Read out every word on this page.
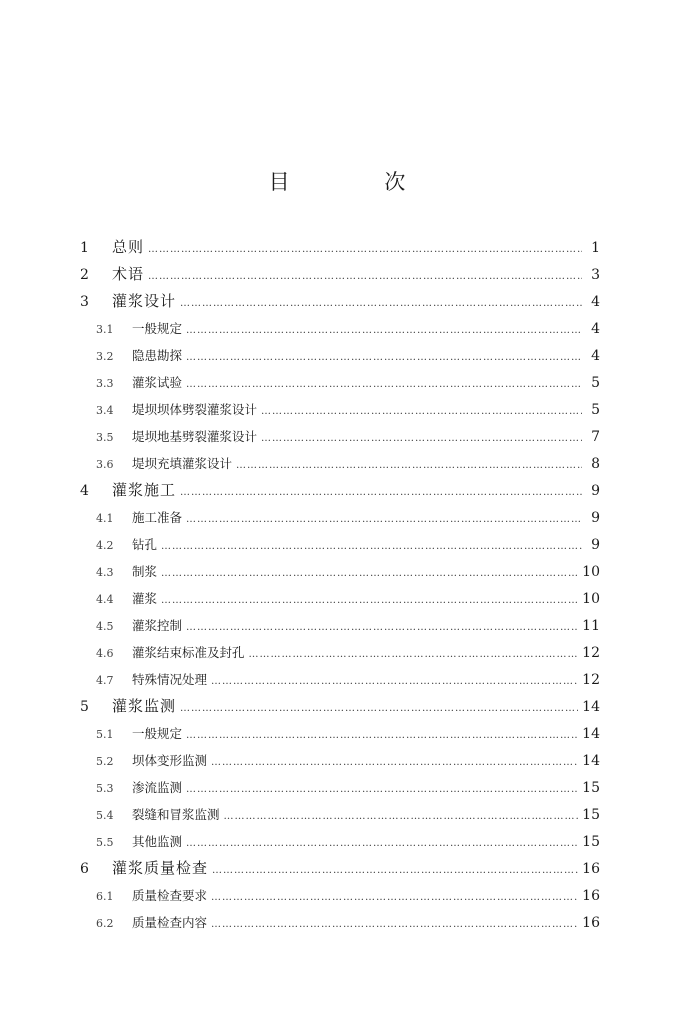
目 次
1	总则 …………………………………………………………………………………………………………………………………………………………	1
2	术语 …………………………………………………………………………………………………………………………………………………………	3
3	灌浆设计 …………………………………………………………………………………………………………………………………………………………	4
3.1	一般规定 …………………………………………………………………………………………………………………………………………………………	4
3.2	隐患勘探 …………………………………………………………………………………………………………………………………………………………	4
3.3	灌浆试验 …………………………………………………………………………………………………………………………………………………………	5
3.4	堤坝坝体劈裂灌浆设计 …………………………………………………………………………………………………………………………………………………………	5
3.5	堤坝地基劈裂灌浆设计 …………………………………………………………………………………………………………………………………………………………	7
3.6	堤坝充填灌浆设计 …………………………………………………………………………………………………………………………………………………………	8
4	灌浆施工 …………………………………………………………………………………………………………………………………………………………	9
4.1	施工准备 …………………………………………………………………………………………………………………………………………………………	9
4.2	钻孔 …………………………………………………………………………………………………………………………………………………………	9
4.3	制浆 …………………………………………………………………………………………………………………………………………………………	10
4.4	灌浆 …………………………………………………………………………………………………………………………………………………………	10
4.5	灌浆控制 …………………………………………………………………………………………………………………………………………………………	11
4.6	灌浆结束标准及封孔 …………………………………………………………………………………………………………………………………………………………	12
4.7	特殊情况处理 …………………………………………………………………………………………………………………………………………………………	12
5	灌浆监测 …………………………………………………………………………………………………………………………………………………………	14
5.1	一般规定 …………………………………………………………………………………………………………………………………………………………	14
5.2	坝体变形监测 …………………………………………………………………………………………………………………………………………………………	14
5.3	渗流监测 …………………………………………………………………………………………………………………………………………………………	15
5.4	裂缝和冒浆监测 …………………………………………………………………………………………………………………………………………………………	15
5.5	其他监测 …………………………………………………………………………………………………………………………………………………………	15
6	灌浆质量检查 …………………………………………………………………………………………………………………………………………………………	16
6.1	质量检查要求 …………………………………………………………………………………………………………………………………………………………	16
6.2	质量检查内容 …………………………………………………………………………………………………………………………………………………………	16
